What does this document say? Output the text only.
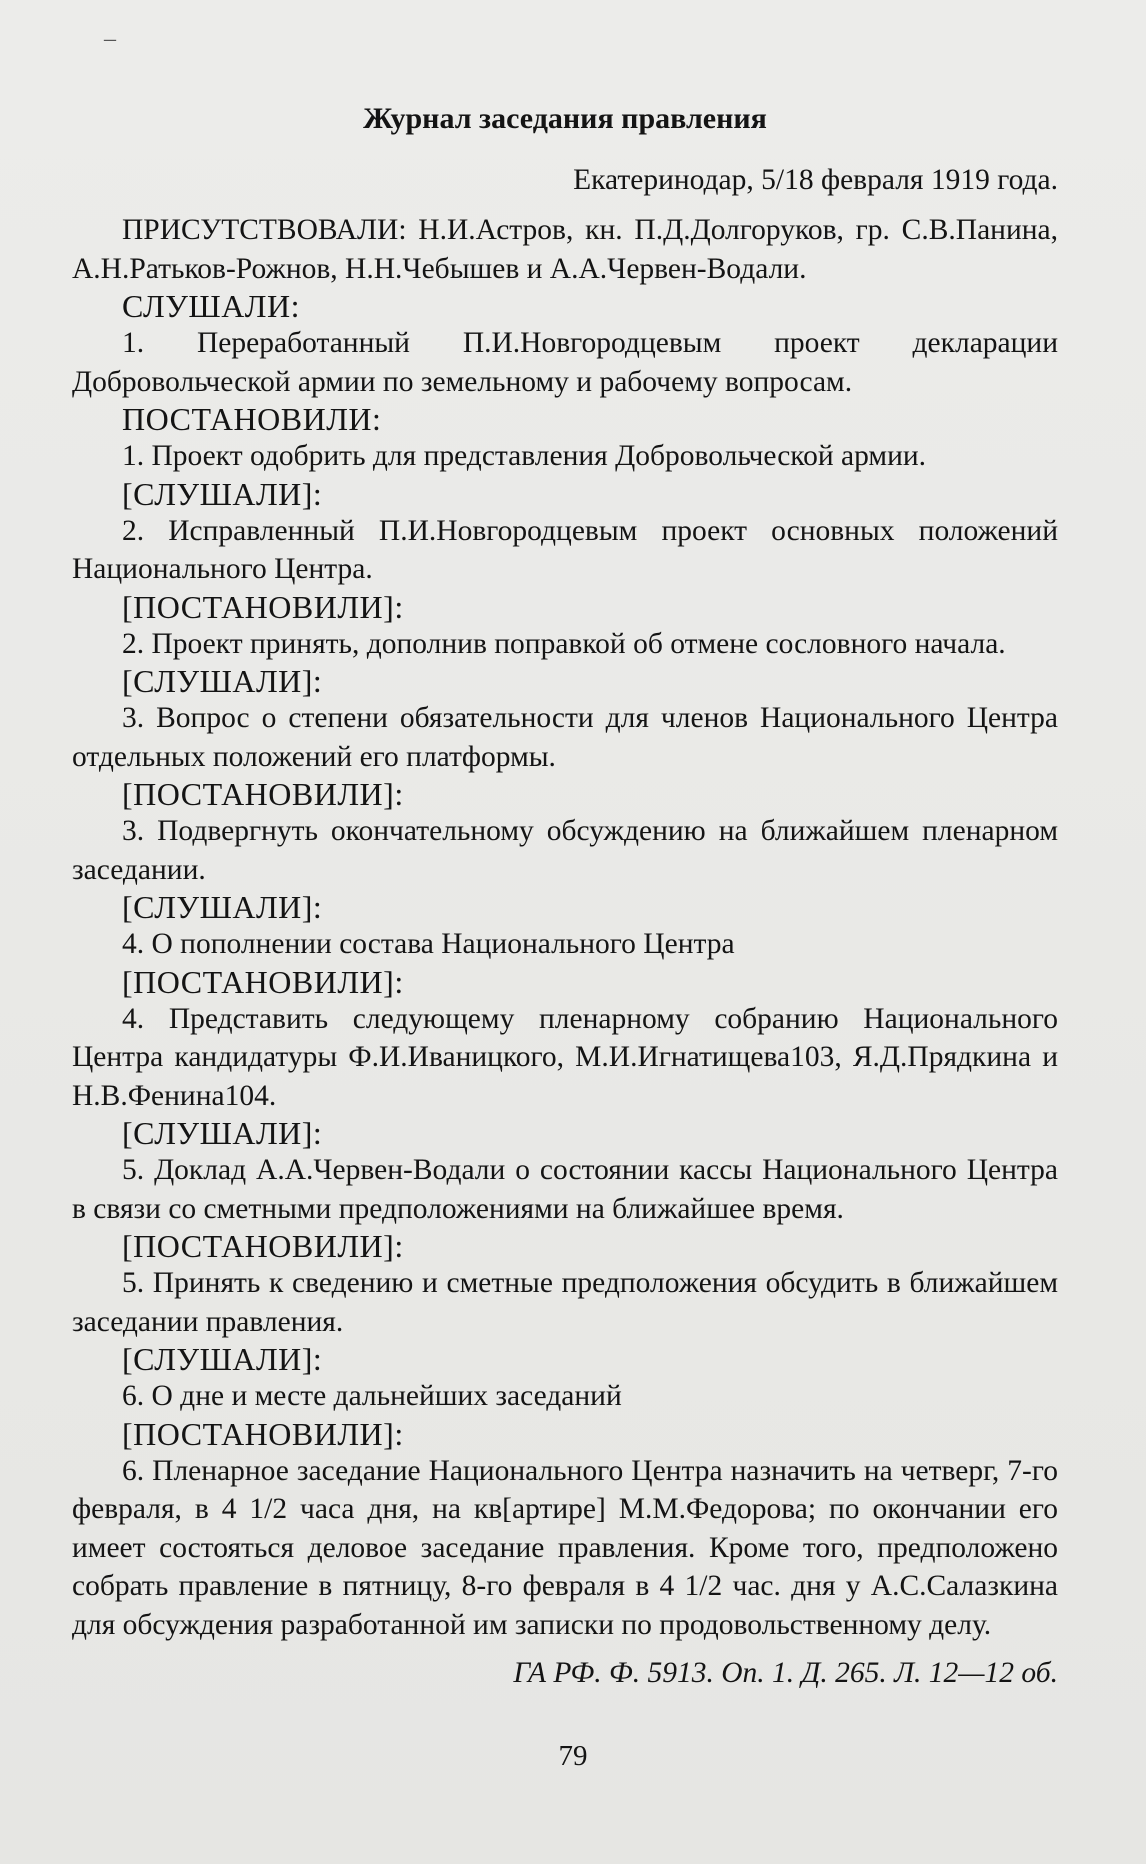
–
Журнал заседания правления
Екатеринодар, 5/18 февраля 1919 года.
ПРИСУТСТВОВАЛИ: Н.И.Астров, кн. П.Д.Долгоруков, гр. С.В.Панина, А.Н.Ратьков-Рожнов, Н.Н.Чебышев и А.А.Червен-Водали.
СЛУШАЛИ:
1. Переработанный П.И.Новгородцевым проект декларации Добровольческой армии по земельному и рабочему вопросам.
ПОСТАНОВИЛИ:
1. Проект одобрить для представления Добровольческой армии.
[СЛУШАЛИ]:
2. Исправленный П.И.Новгородцевым проект основных положений Национального Центра.
[ПОСТАНОВИЛИ]:
2. Проект принять, дополнив поправкой об отмене сословного начала.
[СЛУШАЛИ]:
3. Вопрос о степени обязательности для членов Национального Центра отдельных положений его платформы.
[ПОСТАНОВИЛИ]:
3. Подвергнуть окончательному обсуждению на ближайшем пленарном заседании.
[СЛУШАЛИ]:
4. О пополнении состава Национального Центра
[ПОСТАНОВИЛИ]:
4. Представить следующему пленарному собранию Национального Центра кандидатуры Ф.И.Иваницкого, М.И.Игнатищева103, Я.Д.Прядкина и Н.В.Фенина104.
[СЛУШАЛИ]:
5. Доклад А.А.Червен-Водали о состоянии кассы Национального Центра в связи со сметными предположениями на ближайшее время.
[ПОСТАНОВИЛИ]:
5. Принять к сведению и сметные предположения обсудить в ближайшем заседании правления.
[СЛУШАЛИ]:
6. О дне и месте дальнейших заседаний
[ПОСТАНОВИЛИ]:
6. Пленарное заседание Национального Центра назначить на четверг, 7-го февраля, в 4 1/2 часа дня, на кв[артире] М.М.Федорова; по окончании его имеет состояться деловое заседание правления. Кроме того, предположено собрать правление в пятницу, 8-го февраля в 4 1/2 час. дня у А.С.Салазкина для обсуждения разработанной им записки по продовольственному делу.
ГА РФ. Ф. 5913. Оп. 1. Д. 265. Л. 12—12 об.
79
